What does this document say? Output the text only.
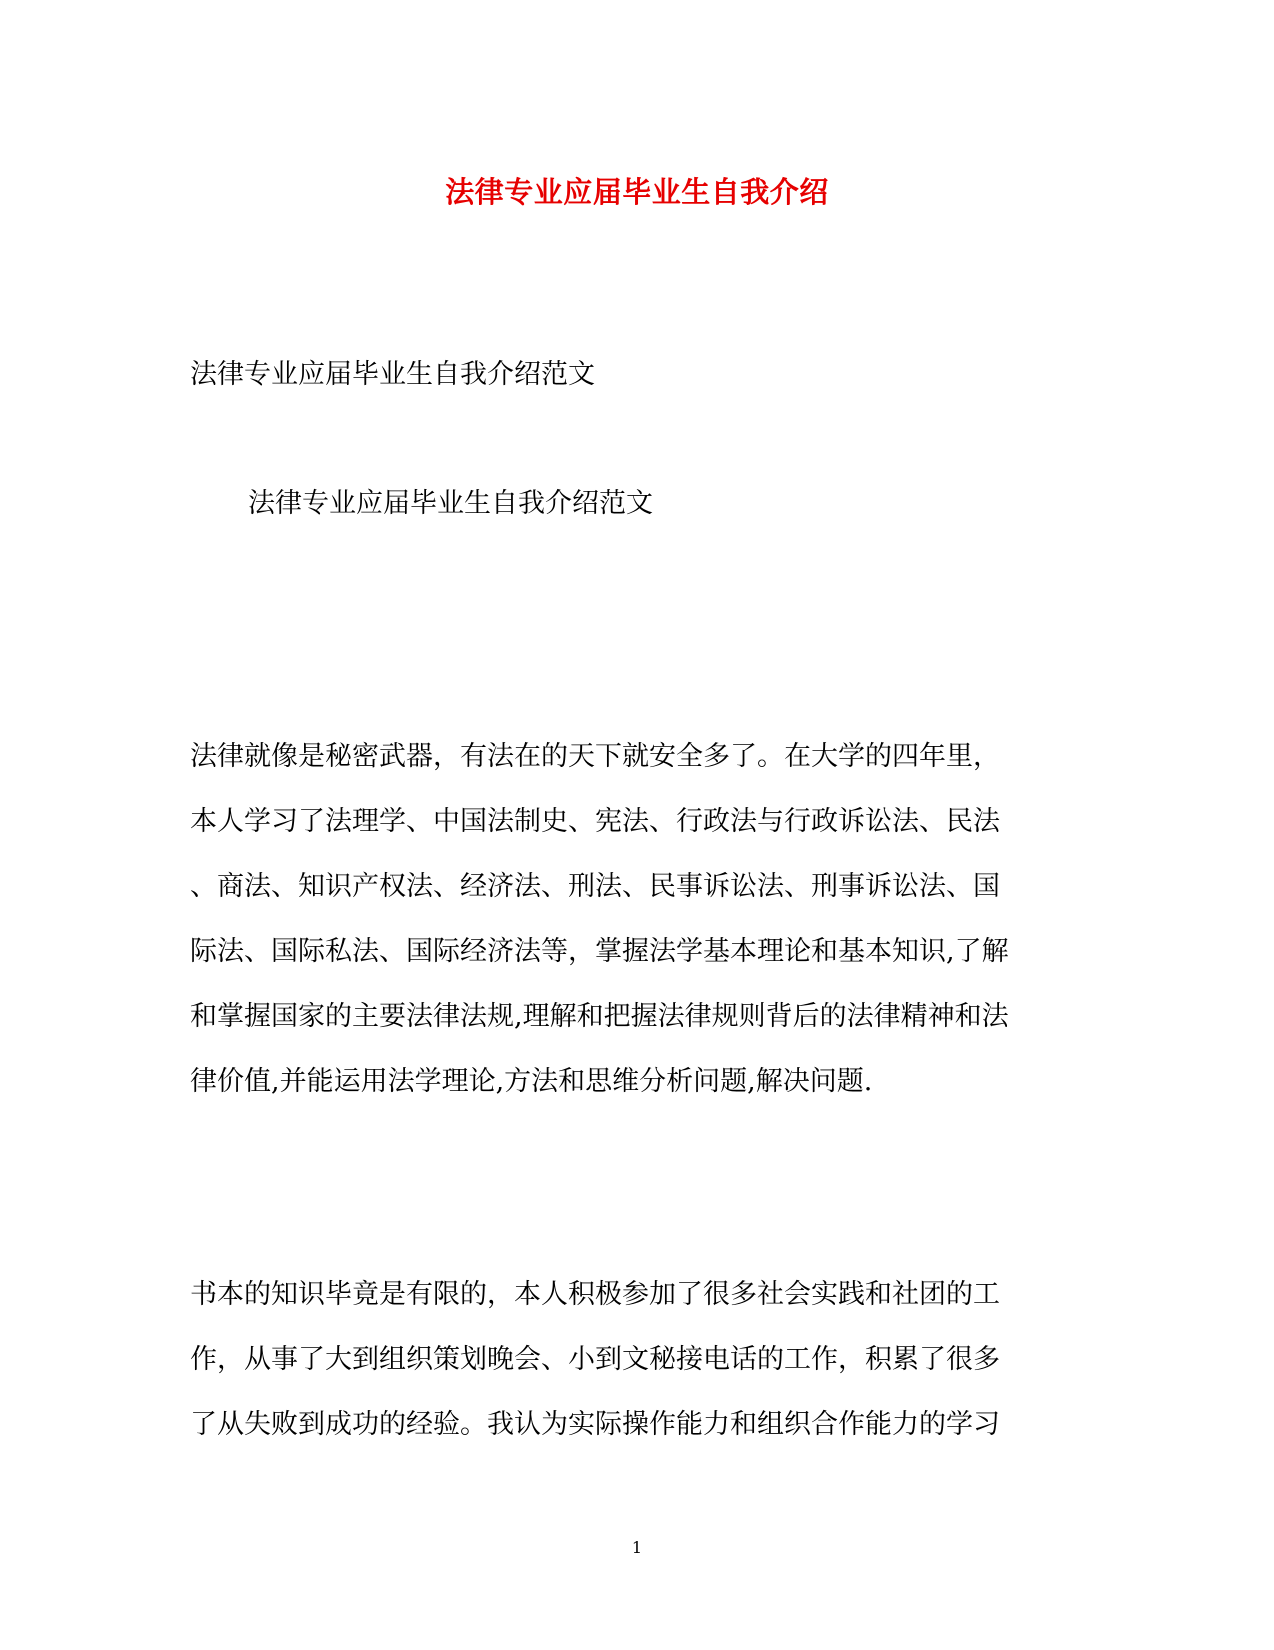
法律专业应届毕业生自我介绍
法律专业应届毕业生自我介绍范文
法律专业应届毕业生自我介绍范文
法律就像是秘密武器，有法在的天下就安全多了。在大学的四年里，
本人学习了法理学、中国法制史、宪法、行政法与行政诉讼法、民法
、商法、知识产权法、经济法、刑法、民事诉讼法、刑事诉讼法、国
际法、国际私法、国际经济法等，掌握法学基本理论和基本知识,了解
和掌握国家的主要法律法规,理解和把握法律规则背后的法律精神和法
律价值,并能运用法学理论,方法和思维分析问题,解决问题.
书本的知识毕竟是有限的，本人积极参加了很多社会实践和社团的工
作，从事了大到组织策划晚会、小到文秘接电话的工作，积累了很多
了从失败到成功的经验。我认为实际操作能力和组织合作能力的学习
1
